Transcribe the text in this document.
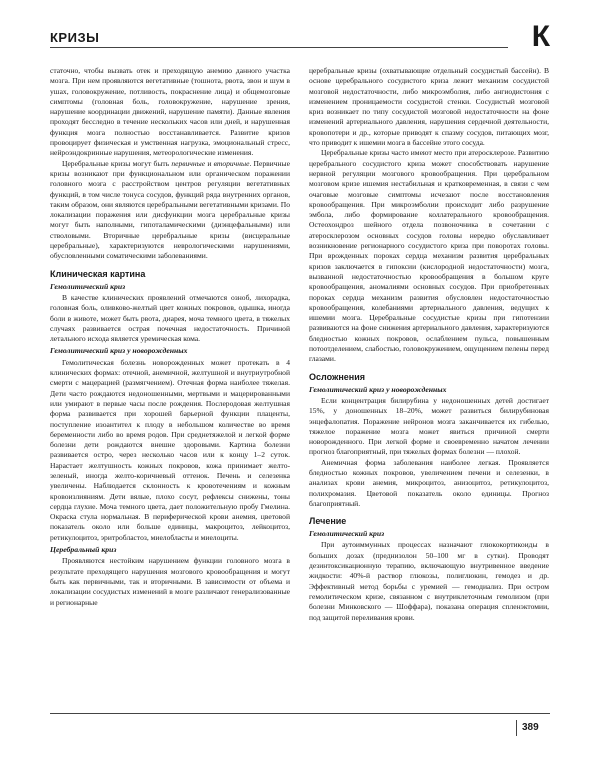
КРИЗЫ	К

статочно, чтобы вызвать отек и преходящую анемию данного участка мозга. При нем проявляются вегетативные (тошнота, рвота, звон и шум в ушах, головокружение, потливость, покраснение лица) и общемозговые симптомы (головная боль, головокружение, нарушение зрения, нарушение координации движений, нарушение памяти). Данные явления проходят бесследно в течение нескольких часов или дней, и нарушенная функция мозга полностью восстанавливается. Развитие кризов провоцирует физическая и умственная нагрузка, эмоциональный стресс, нейроэндокринные нарушения, метеорологические изменения.

Церебральные кризы могут быть первичные и вторичные. Первичные кризы возникают при функциональном или органическом поражении головного мозга с расстройством центров регуляции вегетативных функций, в том числе тонуса сосудов, функций ряда внутренних органов, таким образом, они являются церебральными вегетативными кризами. По локализации поражения или дисфункции мозга церебральные кризы могут быть наполными, гипоталамическими (диэнцефальными) или стволовыми. Вторичные церебральные кризы (висцеральные церебральные), характеризуются неврологическими нарушениями, обусловленными соматическими заболеваниями.

Клиническая картина
Гемолитический криз

В качестве клинических проявлений отмечаются озноб, лихорадка, головная боль, оливково-желтый цвет кожных покровов, одышка, иногда боли в животе, может быть рвота, диарея, моча темного цвета, в тяжелых случаях развивается острая почечная недостаточность. Причиной летального исхода является уремическая кома.

Гемолитический криз у новорожденных

Гемолитическая болезнь новорожденных может протекать в 4 клинических формах: отечной, анемичной, желтушной и внутриутробной смерти с мацерацией (размягчением). Отечная форма наиболее тяжелая. Дети часто рождаются недоношенными, мертвыми и мацерированными или умирают в первые часы после рождения. Послеродовая желтушная форма развивается при хорошей барьерной функции плаценты, поступление изоантител к плоду в небольшом количестве во время беременности либо во время родов. При среднетяжелой и легкой форме болезни дети рождаются внешне здоровыми. Картина болезни развивается остро, через несколько часов или к концу 1–2 суток. Нарастает желтушность кожных покровов, кожа принимает желто-зеленый, иногда желто-коричневый оттенок. Печень и селезенка увеличены. Наблюдается склонность к кровотечениям и кожным кровоизлияниям. Дети вялые, плохо сосут, рефлексы снижены, тоны сердца глухие. Моча темного цвета, дает положительную пробу Гмелина. Окраска стула нормальная. В периферической крови анемия, цветовой показатель около или больше единицы, макроцитоз, лейкоцитоз, ретикулоцитоз, эритробластоз, миелобласты и миелоциты.

Церебральный криз

Проявляются нестойким нарушением функции головного мозга в результате преходящего нарушения мозгового кровообращения и могут быть как первичными, так и вторичными. В зависимости от объема и локализации сосудистых изменений в мозге различают генерализованные и регионарные

церебральные кризы (охватывающие отдельный сосудистый бассейн). В основе церебрального сосудистого криза лежит механизм сосудистой мозговой недостаточности, либо микроэмболия, либо ангиодистония с изменением проницаемости сосудистой стенки. Сосудистый мозговой криз возникает по типу сосудистой мозговой недостаточности на фоне изменений артериального давления, нарушения сердечной деятельности, кровопотери и др., которые приводят к спазму сосудов, питающих мозг, что приводит к ишемии мозга в бассейне этого сосуда.

Церебральные кризы часто имеют место при атеросклерозе. Развитию церебрального сосудистого криза может способствовать нарушение нервной регуляции мозгового кровообращения. При церебральном мозговом кризе ишемия нестабильная и кратковременная, в связи с чем очаговые мозговые симптомы исчезают после восстановления кровообращения. При микроэмболии происходит либо разрушение эмбола, либо формирование коллатерального кровообращения. Остеохондроз шейного отдела позвоночника в сочетании с атеросклерозом основных сосудов головы нередко обуславливает возникновение регионарного сосудистого криза при поворотах головы. При врожденных пороках сердца механизм развития церебральных кризов заключается в гипоксии (кислородной недостаточности) мозга, вызванной недостаточностью кровообращения в большом круге кровообращения, аномалиями основных сосудов. При приобретенных пороках сердца механизм развития обусловлен недостаточностью кровообращения, колебаниями артериального давления, ведущих к ишемии мозга. Церебральные сосудистые кризы при гипотензии развиваются на фоне снижения артериального давления, характеризуются бледностью кожных покровов, ослаблением пульса, повышенным потоотделением, слабостью, головокружением, ощущением пелены перед глазами.

Осложнения
Гемолитический криз у новорожденных

Если концентрация билирубина у недоношенных детей достигает 15%, у доношенных 18–20%, может развиться билирубиновая энцефалопатия. Поражение нейронов мозга заканчивается их гибелью, тяжелое поражение мозга может явиться причиной смерти новорожденного. При легкой форме и своевременно начатом лечении прогноз благоприятный, при тяжелых формах болезни — плохой.

Анемичная форма заболевания наиболее легкая. Проявляется бледностью кожных покровов, увеличением печени и селезенки, в анализах крови анемия, микроцитоз, анизоцитоз, ретикулоцитоз, полихромазия. Цветовой показатель около единицы. Прогноз благоприятный.

Лечение
Гемолитический криз

При аутоиммунных процессах назначают глюкокортикоиды в больших дозах (преднизолон 50–100 мг в сутки). Проводят дезинтоксикационную терапию, включающую внутривенное введение жидкости: 40%-й раствор глюкозы, полиглюкин, гемодез и др. Эффективный метод борьбы с уремией — гемодиализ. При остром гемолитическом кризе, связанном с внутриклеточным гемолизом (при болезни Минковского — Шоффара), показана операция спленэктомии, под защитой переливания крови.

389
